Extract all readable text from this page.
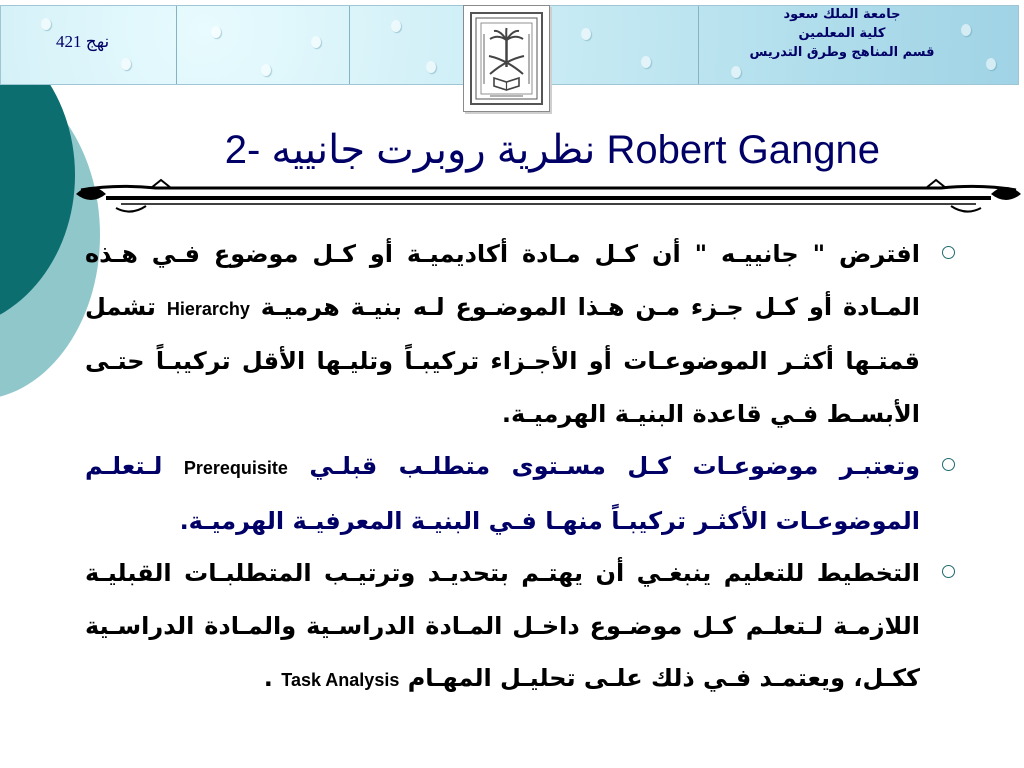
نهج 421
جامعة الملك سعود
كلية المعلمين
قسم المناهج وطرق التدريس
2- نظرية روبرت جانييه Robert Gangne

افترض " جانييـه " أن كـل مـادة أكاديميـة أو كـل موضوع فـي هـذه المـادة أو كـل جـزء مـن هـذا الموضـوع لـه بنيـة هرميـة Hierarchy تشمل قمتـها أكثـر الموضوعـات أو الأجـزاء تركيبـاً وتليـها الأقل تركيبـاً حتـى الأبسـط فـي قاعدة البنيـة الهرميـة.

وتعتبـر موضوعـات كـل مسـتوى متطلـب قبلـي Prerequisite لـتعلـم الموضوعـات الأكثـر تركيبـاً منهـا فـي البنيـة المعرفيـة الهرميـة.

التخطيط للتعليم ينبغـي أن يهتـم بتحديـد وترتيـب المتطلبـات القبليـة اللازمـة لـتعلـم كـل موضـوع داخـل المـادة الدراسـية والمـادة الدراسـية ككـل، ويعتمـد فـي ذلك علـى تحليـل المهـام Task Analysis .
